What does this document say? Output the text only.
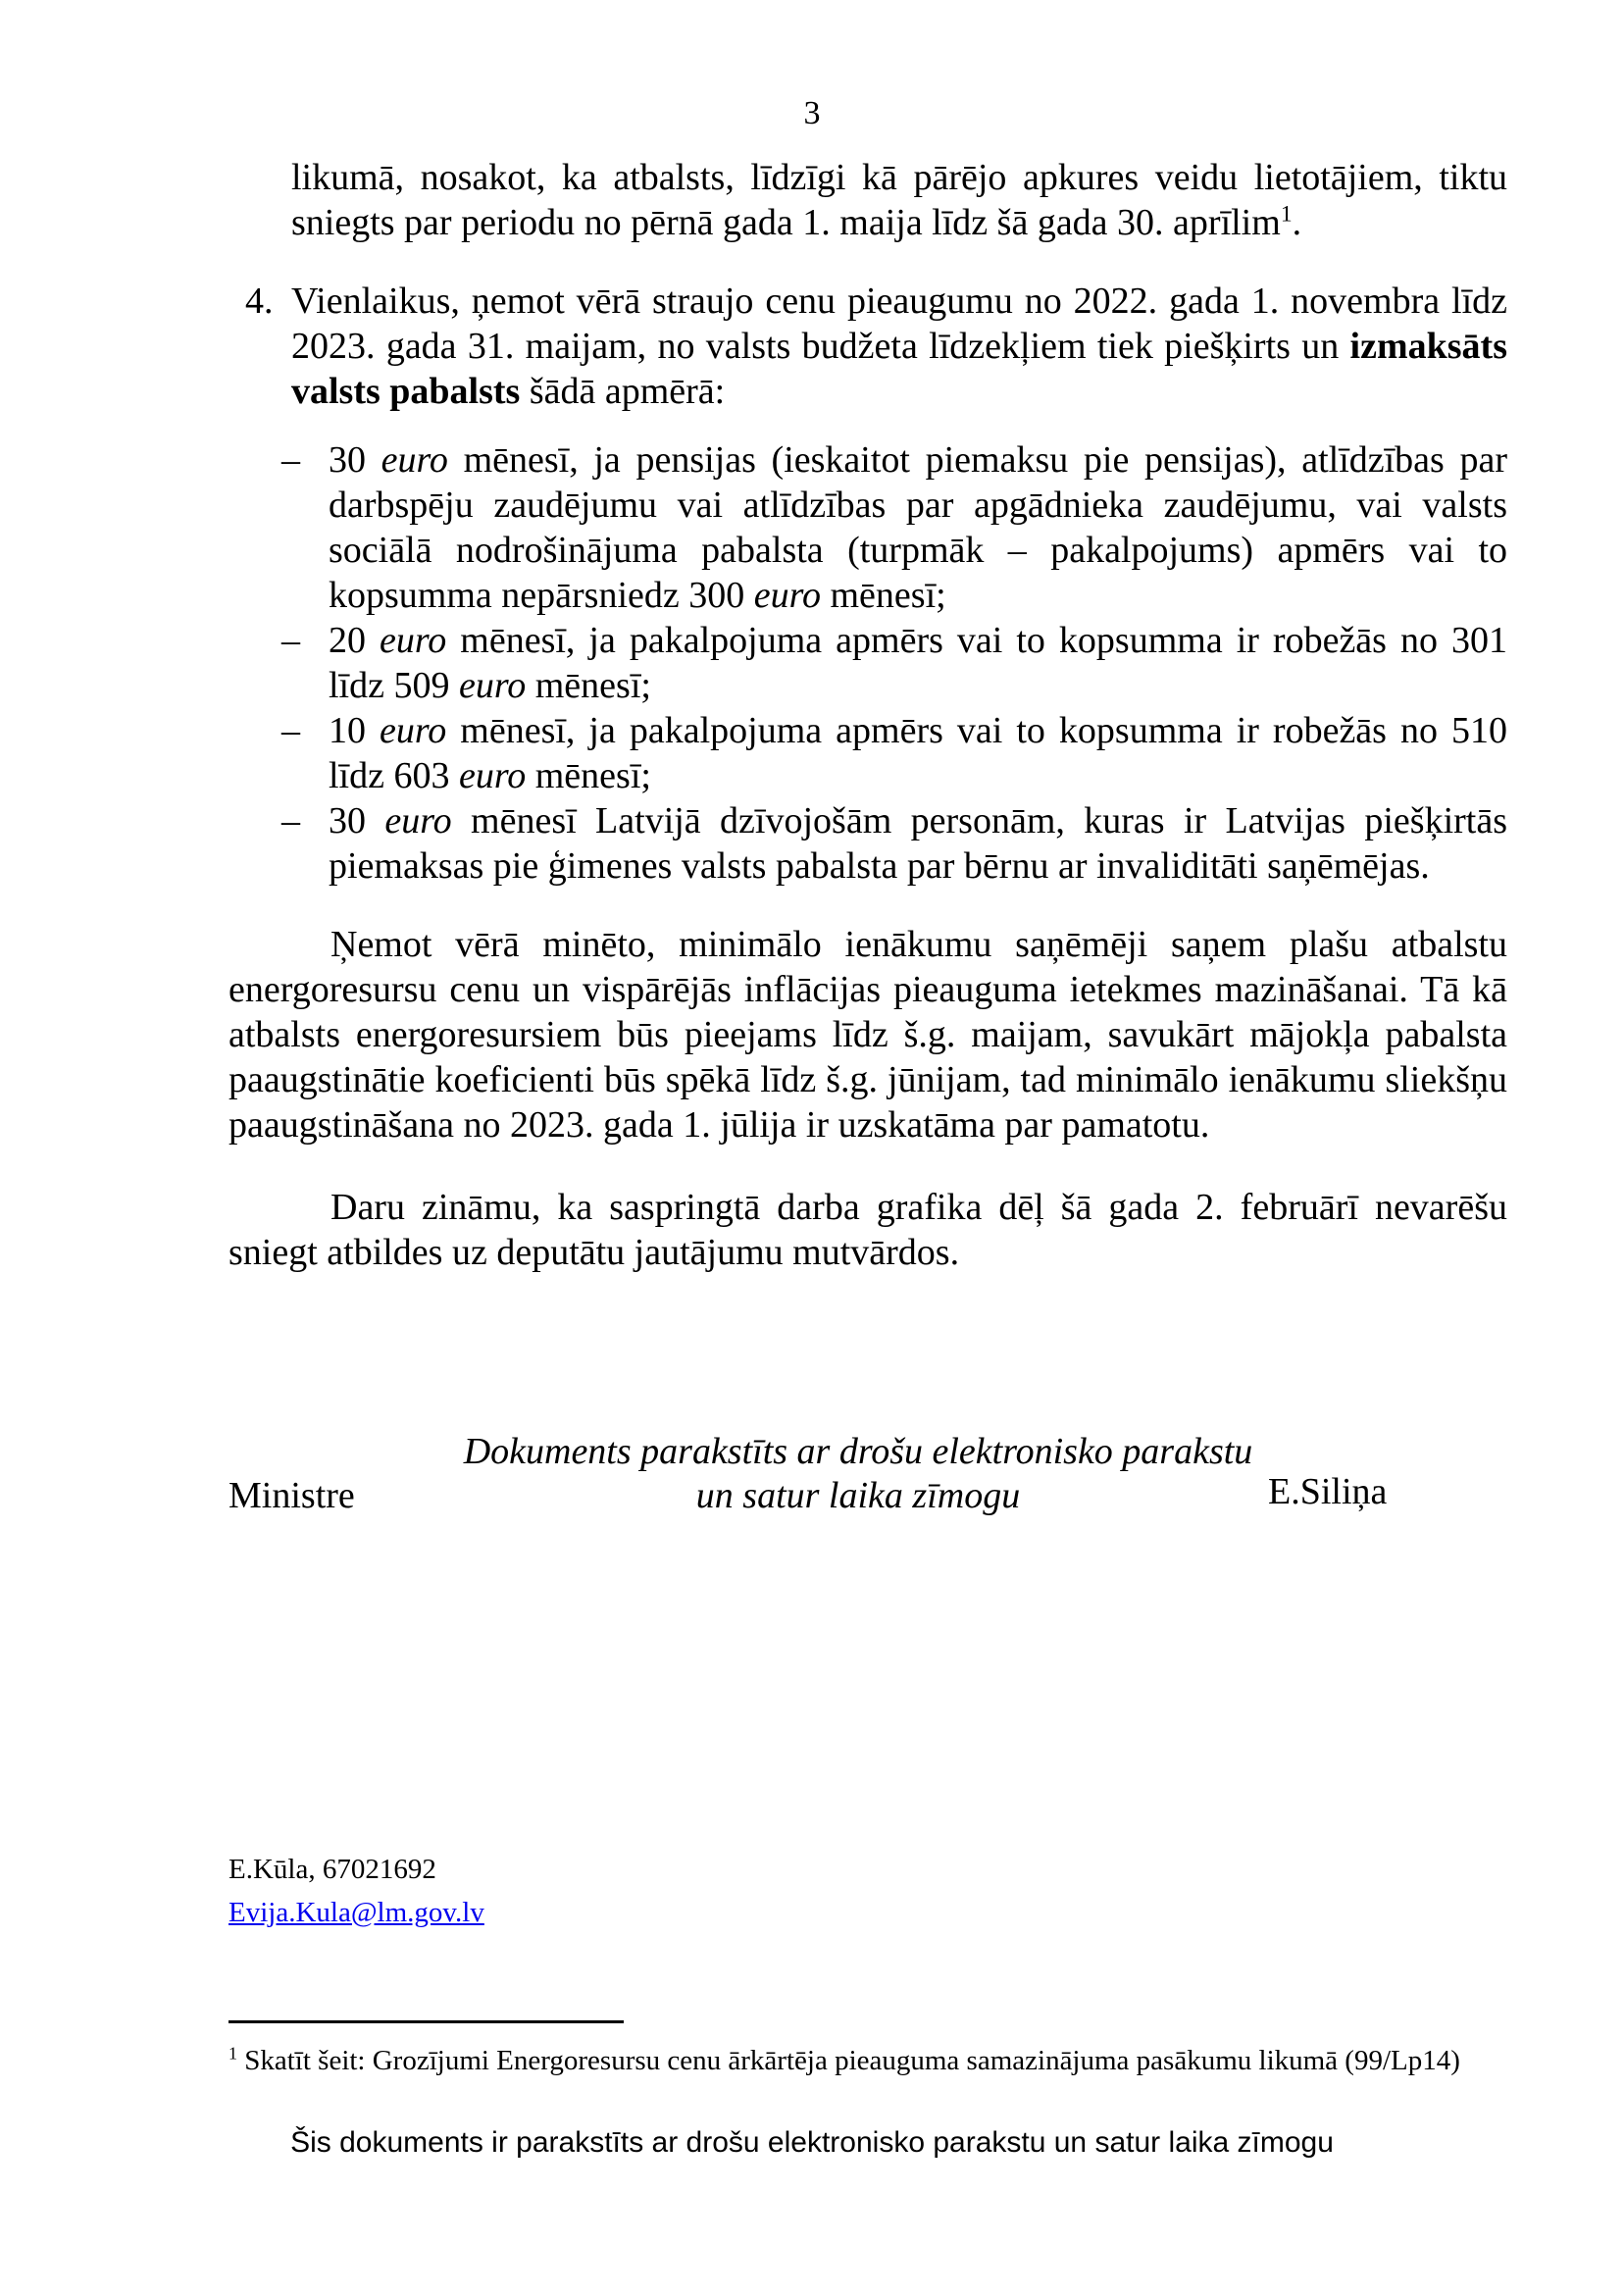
3

likumā, nosakot, ka atbalsts, līdzīgi kā pārējo apkures veidu lietotājiem, tiktu sniegts par periodu no pērnā gada 1. maija līdz šā gada 30. aprīlim$^1$.

4. Vienlaikus, ņemot vērā straujo cenu pieaugumu no 2022. gada 1. novembra līdz 2023. gada 31. maijam, no valsts budžeta līdzekļiem tiek piešķirts un izmaksāts valsts pabalsts šādā apmērā:

– 30 euro mēnesī, ja pensijas (ieskaitot piemaksu pie pensijas), atlīdzības par darbspēju zaudējumu vai atlīdzības par apgādnieka zaudējumu, vai valsts sociālā nodrošinājuma pabalsta (turpmāk – pakalpojums) apmērs vai to kopsumma nepārsniedz 300 euro mēnesī;

– 20 euro mēnesī, ja pakalpojuma apmērs vai to kopsumma ir robežās no 301 līdz 509 euro mēnesī;

– 10 euro mēnesī, ja pakalpojuma apmērs vai to kopsumma ir robežās no 510 līdz 603 euro mēnesī;

– 30 euro mēnesī Latvijā dzīvojošām personām, kuras ir Latvijas piešķirtās piemaksas pie ģimenes valsts pabalsta par bērnu ar invaliditāti saņēmējas.

Ņemot vērā minēto, minimālo ienākumu saņēmēji saņem plašu atbalstu energoresursu cenu un vispārējās inflācijas pieauguma ietekmes mazināšanai. Tā kā atbalsts energoresursiem būs pieejams līdz š.g. maijam, savukārt mājokļa pabalsta paaugstinātie koeficienti būs spēkā līdz š.g. jūnijam, tad minimālo ienākumu sliekšņu paaugstināšana no 2023. gada 1. jūlija ir uzskatāma par pamatotu.

Daru zināmu, ka saspringtā darba grafika dēļ šā gada 2. februārī nevarēšu sniegt atbildes uz deputātu jautājumu mutvārdos.

Ministre
Dokuments parakstīts ar drošu elektronisko parakstu un satur laika zīmogu	E.Siliņa
E.Kūla, 67021692
Evija.Kula@lm.gov.lv
$^1$ Skatīt šeit: Grozījumi Energoresursu cenu ārkārtēja pieauguma samazinājuma pasākumu likumā (99/Lp14)
Šis dokuments ir parakstīts ar drošu elektronisko parakstu un satur laika zīmogu
